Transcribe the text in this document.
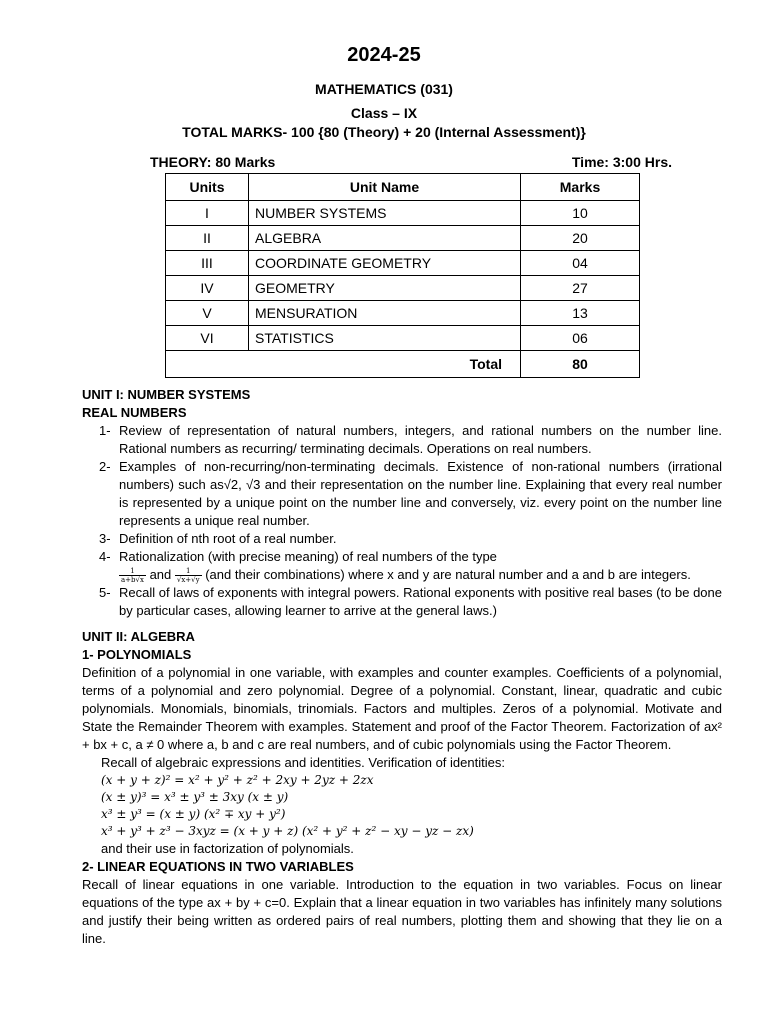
2024-25
MATHEMATICS (031)
Class – IX
TOTAL MARKS- 100 {80 (Theory) + 20 (Internal Assessment)}
THEORY: 80 Marks	Time: 3:00 Hrs.
Units	Unit Name	Marks
I	NUMBER SYSTEMS	10
II	ALGEBRA	20
III	COORDINATE GEOMETRY	04
IV	GEOMETRY	27
V	MENSURATION	13
VI	STATISTICS	06
Total		80
UNIT I: NUMBER SYSTEMS
REAL NUMBERS
1- Review of representation of natural numbers, integers, and rational numbers on the number line. Rational numbers as recurring/ terminating decimals. Operations on real numbers.
2- Examples of non-recurring/non-terminating decimals. Existence of non-rational numbers (irrational numbers) such as√2, √3 and their representation on the number line. Explaining that every real number is represented by a unique point on the number line and conversely, viz. every point on the number line represents a unique real number.
3- Definition of nth root of a real number.
4- Rationalization (with precise meaning) of real numbers of the type

$\frac{1}{a+b√x}$ and $\frac{1}{√x+√y} (and$ their combinations) where x and y are natural number and a and b are integers.
5- Recall of laws of exponents with integral powers. Rational exponents with positive real bases (to be done by particular cases, allowing learner to arrive at the general laws.)
UNIT II: ALGEBRA
1- POLYNOMIALS

Definition of a polynomial in one variable, with examples and counter examples. Coefficients of a polynomial, terms of a polynomial and zero polynomial. Degree of a polynomial. Constant, linear, quadratic and cubic polynomials. Monomials, binomials, trinomials. Factors and multiples. Zeros of a polynomial. Motivate and State the Remainder Theorem with examples. Statement and proof of the Factor Theorem. Factorization of ax² + bx + c, a ≠ 0 where a, b and c are real numbers, and of cubic polynomials using the Factor Theorem.

Recall of algebraic expressions and identities. Verification of identities:
(x + y + z)² = x² + y² + z² + 2xy + 2yz + 2zx
(x ± y)³ = x³ ± y³ ± 3xy (x ± y)
x³ ± y³ = (x ± y) (x² ∓ xy + y²)
x³ + y³ + z³ − 3xyz = (x + y + z) (x² + y² + z² − xy − yz − zx)
and their use in factorization of polynomials.
2- LINEAR EQUATIONS IN TWO VARIABLES

Recall of linear equations in one variable. Introduction to the equation in two variables. Focus on linear equations of the type ax + by + c=0. Explain that a linear equation in two variables has infinitely many solutions and justify their being written as ordered pairs of real numbers, plotting them and showing that they lie on a line.
